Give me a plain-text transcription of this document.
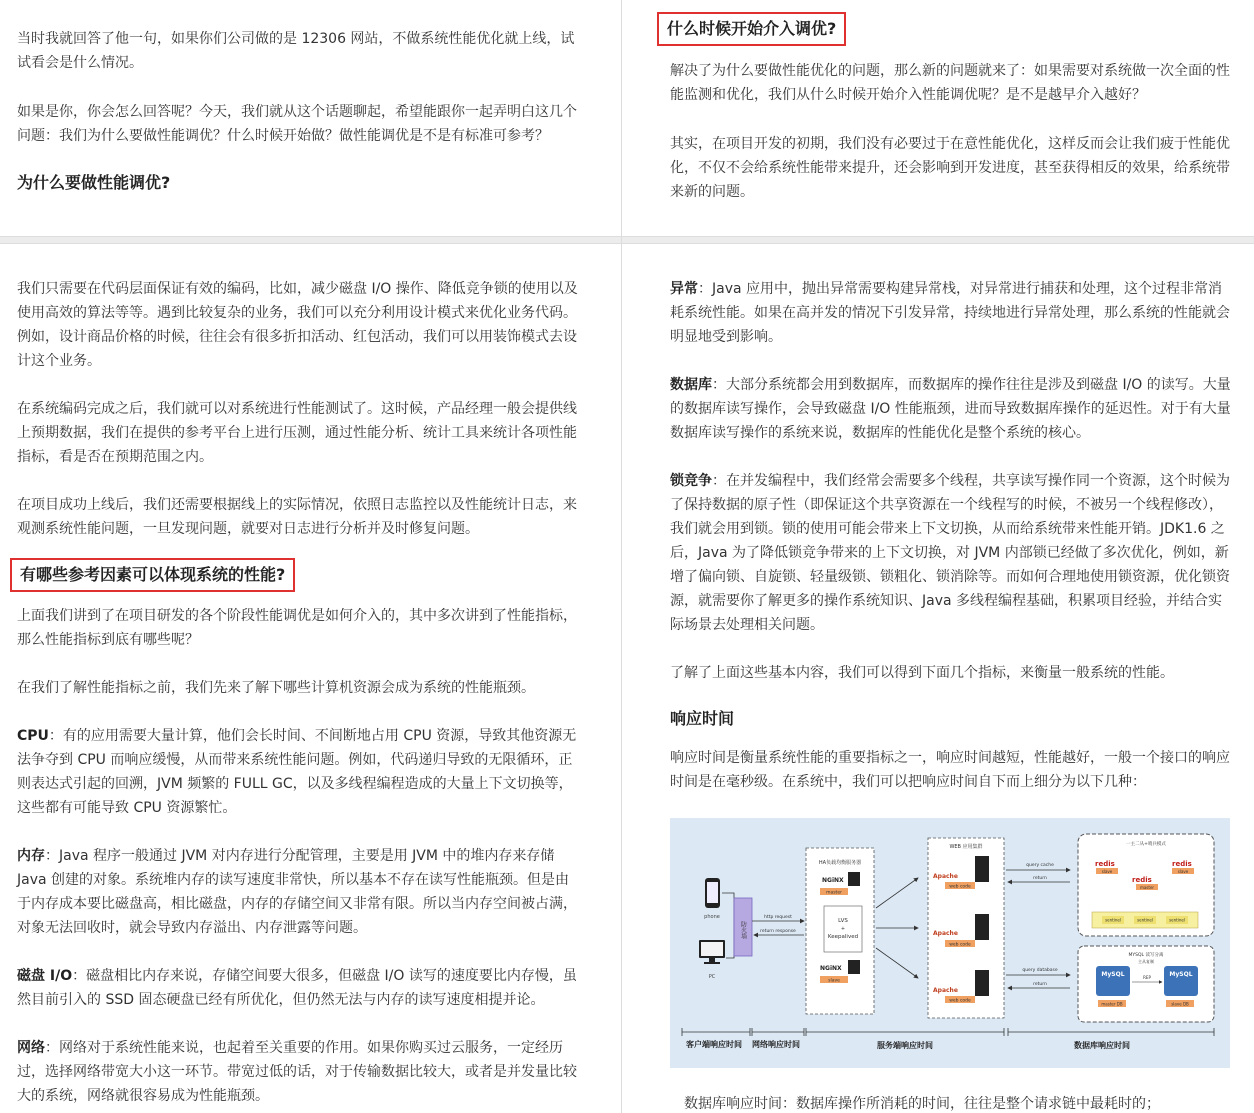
当时我就回答了他一句，如果你们公司做的是 12306 网站，不做系统性能优化就上线，试试看会是什么情况。
如果是你，你会怎么回答呢？今天，我们就从这个话题聊起，希望能跟你一起弄明白这几个问题：我们为什么要做性能调优？什么时候开始做？做性能调优是不是有标准可参考？
为什么要做性能调优?
什么时候开始介入调优?
解决了为什么要做性能优化的问题，那么新的问题就来了：如果需要对系统做一次全面的性能监测和优化，我们从什么时候开始介入性能调优呢？是不是越早介入越好？
其实，在项目开发的初期，我们没有必要过于在意性能优化，这样反而会让我们疲于性能优化，不仅不会给系统性能带来提升，还会影响到开发进度，甚至获得相反的效果，给系统带来新的问题。
我们只需要在代码层面保证有效的编码，比如，减少磁盘 I/O 操作、降低竞争锁的使用以及使用高效的算法等等。遇到比较复杂的业务，我们可以充分利用设计模式来优化业务代码。例如，设计商品价格的时候，往往会有很多折扣活动、红包活动，我们可以用装饰模式去设计这个业务。
在系统编码完成之后，我们就可以对系统进行性能测试了。这时候，产品经理一般会提供线上预期数据，我们在提供的参考平台上进行压测，通过性能分析、统计工具来统计各项性能指标，看是否在预期范围之内。
在项目成功上线后，我们还需要根据线上的实际情况，依照日志监控以及性能统计日志，来观测系统性能问题，一旦发现问题，就要对日志进行分析并及时修复问题。
有哪些参考因素可以体现系统的性能?
上面我们讲到了在项目研发的各个阶段性能调优是如何介入的，其中多次讲到了性能指标，那么性能指标到底有哪些呢？
在我们了解性能指标之前，我们先来了解下哪些计算机资源会成为系统的性能瓶颈。
CPU：有的应用需要大量计算，他们会长时间、不间断地占用 CPU 资源，导致其他资源无法争夺到 CPU 而响应缓慢，从而带来系统性能问题。例如，代码递归导致的无限循环，正则表达式引起的回溯，JVM 频繁的 FULL GC，以及多线程编程造成的大量上下文切换等，这些都有可能导致 CPU 资源繁忙。
内存：Java 程序一般通过 JVM 对内存进行分配管理，主要是用 JVM 中的堆内存来存储 Java 创建的对象。系统堆内存的读写速度非常快，所以基本不存在读写性能瓶颈。但是由于内存成本要比磁盘高，相比磁盘，内存的存储空间又非常有限。所以当内存空间被占满，对象无法回收时，就会导致内存溢出、内存泄露等问题。
磁盘 I/O：磁盘相比内存来说，存储空间要大很多，但磁盘 I/O 读写的速度要比内存慢，虽然目前引入的 SSD 固态硬盘已经有所优化，但仍然无法与内存的读写速度相提并论。
网络：网络对于系统性能来说，也起着至关重要的作用。如果你购买过云服务，一定经历过，选择网络带宽大小这一环节。带宽过低的话，对于传输数据比较大，或者是并发量比较大的系统，网络就很容易成为性能瓶颈。
异常：Java 应用中，抛出异常需要构建异常栈，对异常进行捕获和处理，这个过程非常消耗系统性能。如果在高并发的情况下引发异常，持续地进行异常处理，那么系统的性能就会明显地受到影响。
数据库：大部分系统都会用到数据库，而数据库的操作往往是涉及到磁盘 I/O 的读写。大量的数据库读写操作，会导致磁盘 I/O 性能瓶颈，进而导致数据库操作的延迟性。对于有大量数据库读写操作的系统来说，数据库的性能优化是整个系统的核心。
锁竞争：在并发编程中，我们经常会需要多个线程，共享读写操作同一个资源，这个时候为了保持数据的原子性（即保证这个共享资源在一个线程写的时候，不被另一个线程修改），我们就会用到锁。锁的使用可能会带来上下文切换，从而给系统带来性能开销。JDK1.6 之后，Java 为了降低锁竞争带来的上下文切换，对 JVM 内部锁已经做了多次优化，例如，新增了偏向锁、自旋锁、轻量级锁、锁粗化、锁消除等。而如何合理地使用锁资源，优化锁资源，就需要你了解更多的操作系统知识、Java 多线程编程基础，积累项目经验，并结合实际场景去处理相关问题。
了解了上面这些基本内容，我们可以得到下面几个指标，来衡量一般系统的性能。
响应时间
响应时间是衡量系统性能的重要指标之一，响应时间越短，性能越好，一般一个接口的响应时间是在毫秒级。在系统中，我们可以把响应时间自下而上细分为以下几种：
数据库响应时间：数据库操作所消耗的时间，往往是整个请求链中最耗时的；
phone
PC
防火墙
http request
return response
HA负载均衡服务器
NGiNX
master
LVS
+
Keepalived
NGiNX
slave
WEB 应用集群
Apache
web code
Apache
web code
Apache
web code
query cache
return
query database
return
一主二从+哨兵模式
redis
redis
redis
master
slave	slave
sentinel	sentinel	sentinel
MYSQL 读写分离
主从复制
MySQL	MySQL
REP
master DB	slave DB
客户端响应时间 网络响应时间	服务端响应时间	数据库响应时间
